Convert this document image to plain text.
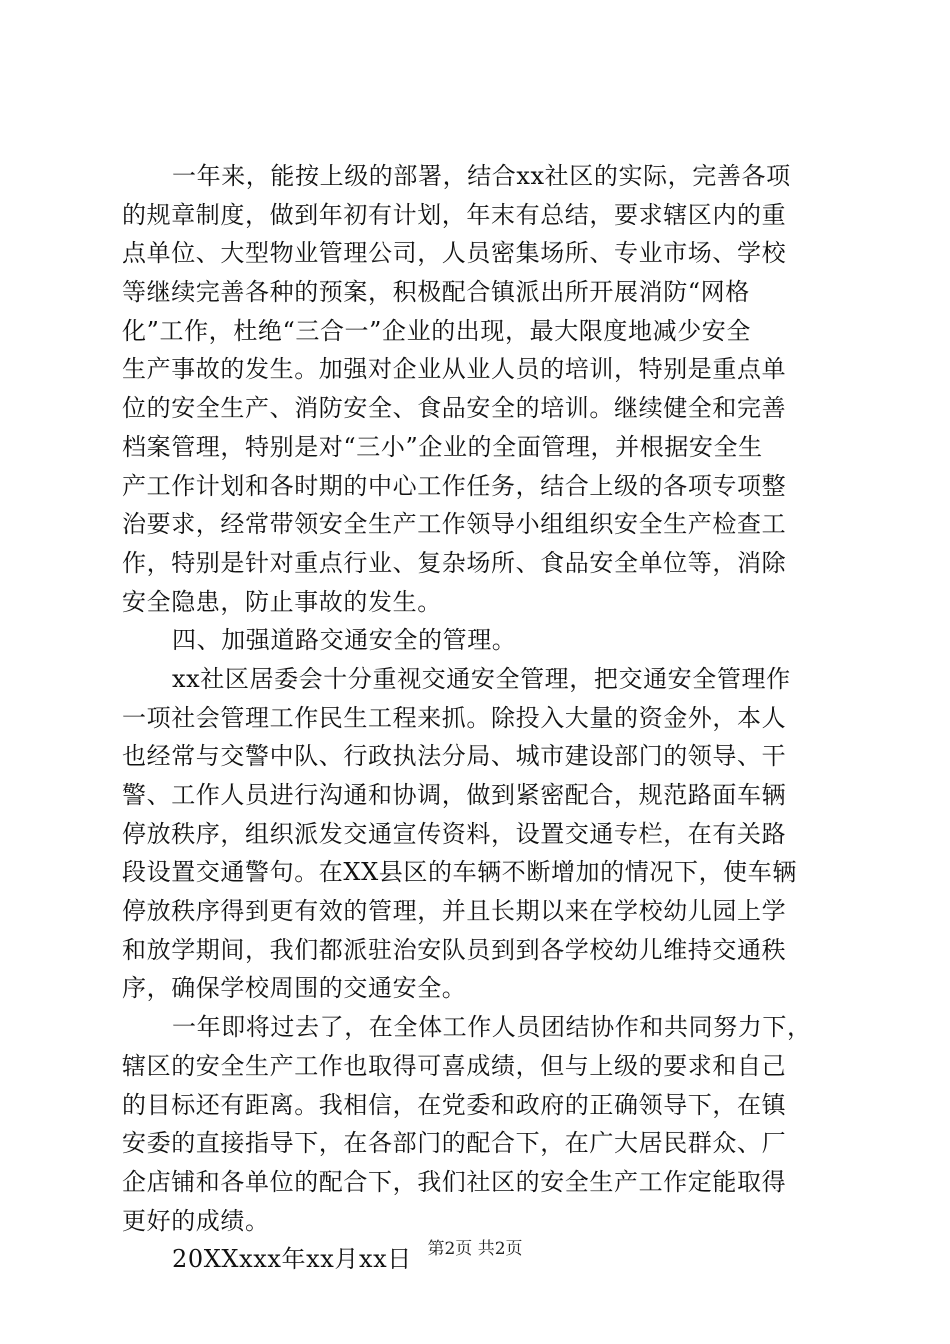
一年来，能按上级的部署，结合xx社区的实际，完善各项
的规章制度，做到年初有计划，年末有总结，要求辖区内的重
点单位、大型物业管理公司，人员密集场所、专业市场、学校
等继续完善各种的预案，积极配合镇派出所开展消防“网格
化”工作，杜绝“三合一”企业的出现，最大限度地减少安全
生产事故的发生。加强对企业从业人员的培训，特别是重点单
位的安全生产、消防安全、食品安全的培训。继续健全和完善
档案管理，特别是对“三小”企业的全面管理，并根据安全生
产工作计划和各时期的中心工作任务，结合上级的各项专项整
治要求，经常带领安全生产工作领导小组组织安全生产检查工
作，特别是针对重点行业、复杂场所、食品安全单位等，消除
安全隐患，防止事故的发生。
四、加强道路交通安全的管理。
xx社区居委会十分重视交通安全管理，把交通安全管理作
一项社会管理工作民生工程来抓。除投入大量的资金外，本人
也经常与交警中队、行政执法分局、城市建设部门的领导、干
警、工作人员进行沟通和协调，做到紧密配合，规范路面车辆
停放秩序，组织派发交通宣传资料，设置交通专栏，在有关路
段设置交通警句。在XX县区的车辆不断增加的情况下，使车辆
停放秩序得到更有效的管理，并且长期以来在学校幼儿园上学
和放学期间，我们都派驻治安队员到到各学校幼儿维持交通秩
序，确保学校周围的交通安全。
一年即将过去了，在全体工作人员团结协作和共同努力下，
辖区的安全生产工作也取得可喜成绩，但与上级的要求和自己
的目标还有距离。我相信，在党委和政府的正确领导下，在镇
安委的直接指导下，在各部门的配合下，在广大居民群众、厂
企店铺和各单位的配合下，我们社区的安全生产工作定能取得
更好的成绩。
20XXxxx年xx月xx日 第2页 共2页
